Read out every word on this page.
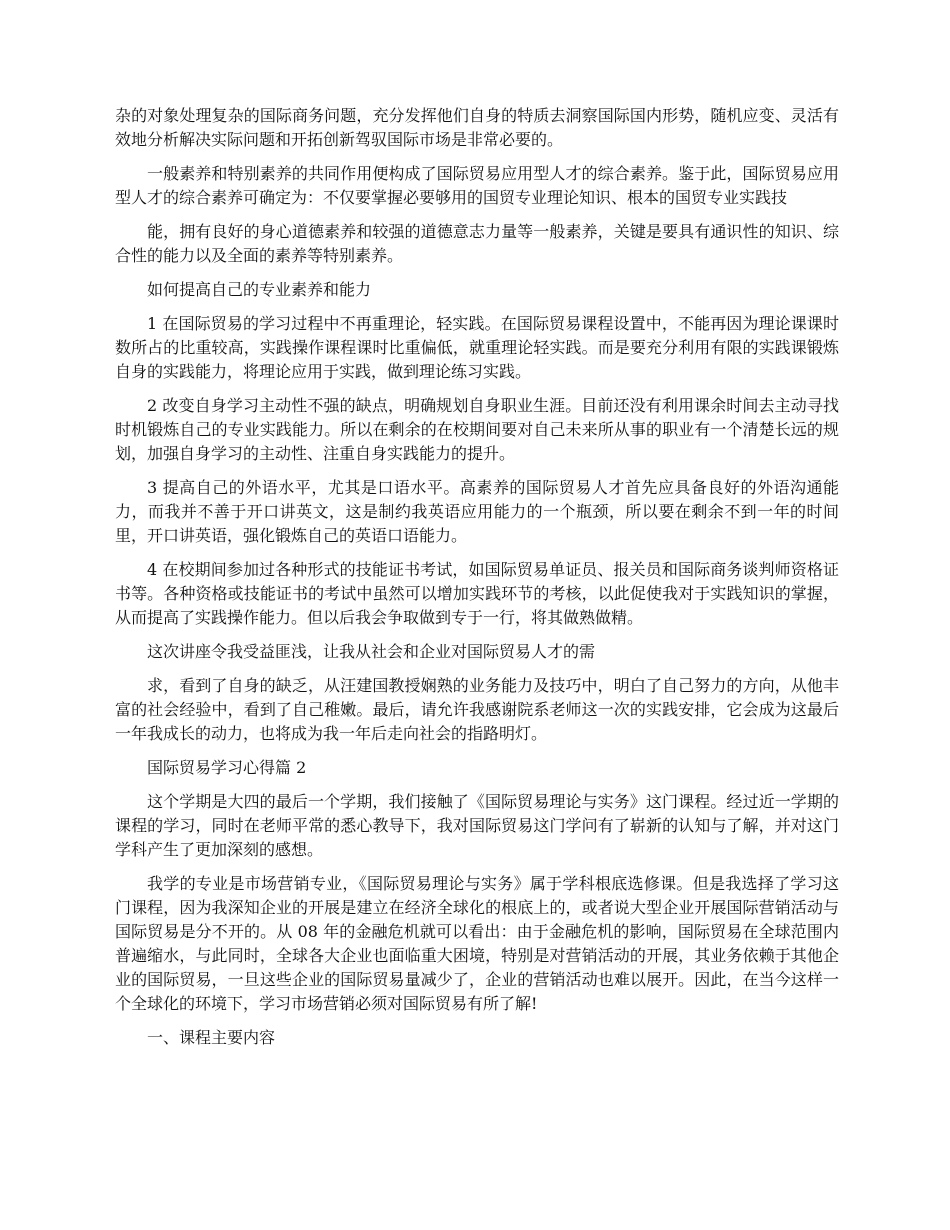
杂的对象处理复杂的国际商务问题，充分发挥他们自身的特质去洞察国际国内形势，随机应变、灵活有效地分析解决实际问题和开拓创新驾驭国际市场是非常必要的。

一般素养和特别素养的共同作用便构成了国际贸易应用型人才的综合素养。鉴于此，国际贸易应用型人才的综合素养可确定为：不仅要掌握必要够用的国贸专业理论知识、根本的国贸专业实践技

能，拥有良好的身心道德素养和较强的道德意志力量等一般素养，关键是要具有通识性的知识、综合性的能力以及全面的素养等特别素养。

如何提高自己的专业素养和能力

1 在国际贸易的学习过程中不再重理论，轻实践。在国际贸易课程设置中，不能再因为理论课课时数所占的比重较高，实践操作课程课时比重偏低，就重理论轻实践。而是要充分利用有限的实践课锻炼自身的实践能力，将理论应用于实践，做到理论练习实践。

2 改变自身学习主动性不强的缺点，明确规划自身职业生涯。目前还没有利用课余时间去主动寻找时机锻炼自己的专业实践能力。所以在剩余的在校期间要对自己未来所从事的职业有一个清楚长远的规划，加强自身学习的主动性、注重自身实践能力的提升。

3 提高自己的外语水平，尤其是口语水平。高素养的国际贸易人才首先应具备良好的外语沟通能力，而我并不善于开口讲英文，这是制约我英语应用能力的一个瓶颈，所以要在剩余不到一年的时间里，开口讲英语，强化锻炼自己的英语口语能力。

4 在校期间参加过各种形式的技能证书考试，如国际贸易单证员、报关员和国际商务谈判师资格证书等。各种资格或技能证书的考试中虽然可以增加实践环节的考核，以此促使我对于实践知识的掌握，从而提高了实践操作能力。但以后我会争取做到专于一行，将其做熟做精。

这次讲座令我受益匪浅，让我从社会和企业对国际贸易人才的需

求，看到了自身的缺乏，从汪建国教授娴熟的业务能力及技巧中，明白了自己努力的方向，从他丰富的社会经验中，看到了自己稚嫩。最后，请允许我感谢院系老师这一次的实践安排，它会成为这最后一年我成长的动力，也将成为我一年后走向社会的指路明灯。

国际贸易学习心得篇 2

这个学期是大四的最后一个学期，我们接触了《国际贸易理论与实务》这门课程。经过近一学期的课程的学习，同时在老师平常的悉心教导下，我对国际贸易这门学问有了崭新的认知与了解，并对这门学科产生了更加深刻的感想。

我学的专业是市场营销专业，《国际贸易理论与实务》属于学科根底选修课。但是我选择了学习这门课程，因为我深知企业的开展是建立在经济全球化的根底上的，或者说大型企业开展国际营销活动与国际贸易是分不开的。从 08 年的金融危机就可以看出：由于金融危机的影响，国际贸易在全球范围内普遍缩水，与此同时，全球各大企业也面临重大困境，特别是对营销活动的开展，其业务依赖于其他企业的国际贸易，一旦这些企业的国际贸易量减少了，企业的营销活动也难以展开。因此，在当今这样一个全球化的环境下，学习市场营销必须对国际贸易有所了解!

一、课程主要内容
